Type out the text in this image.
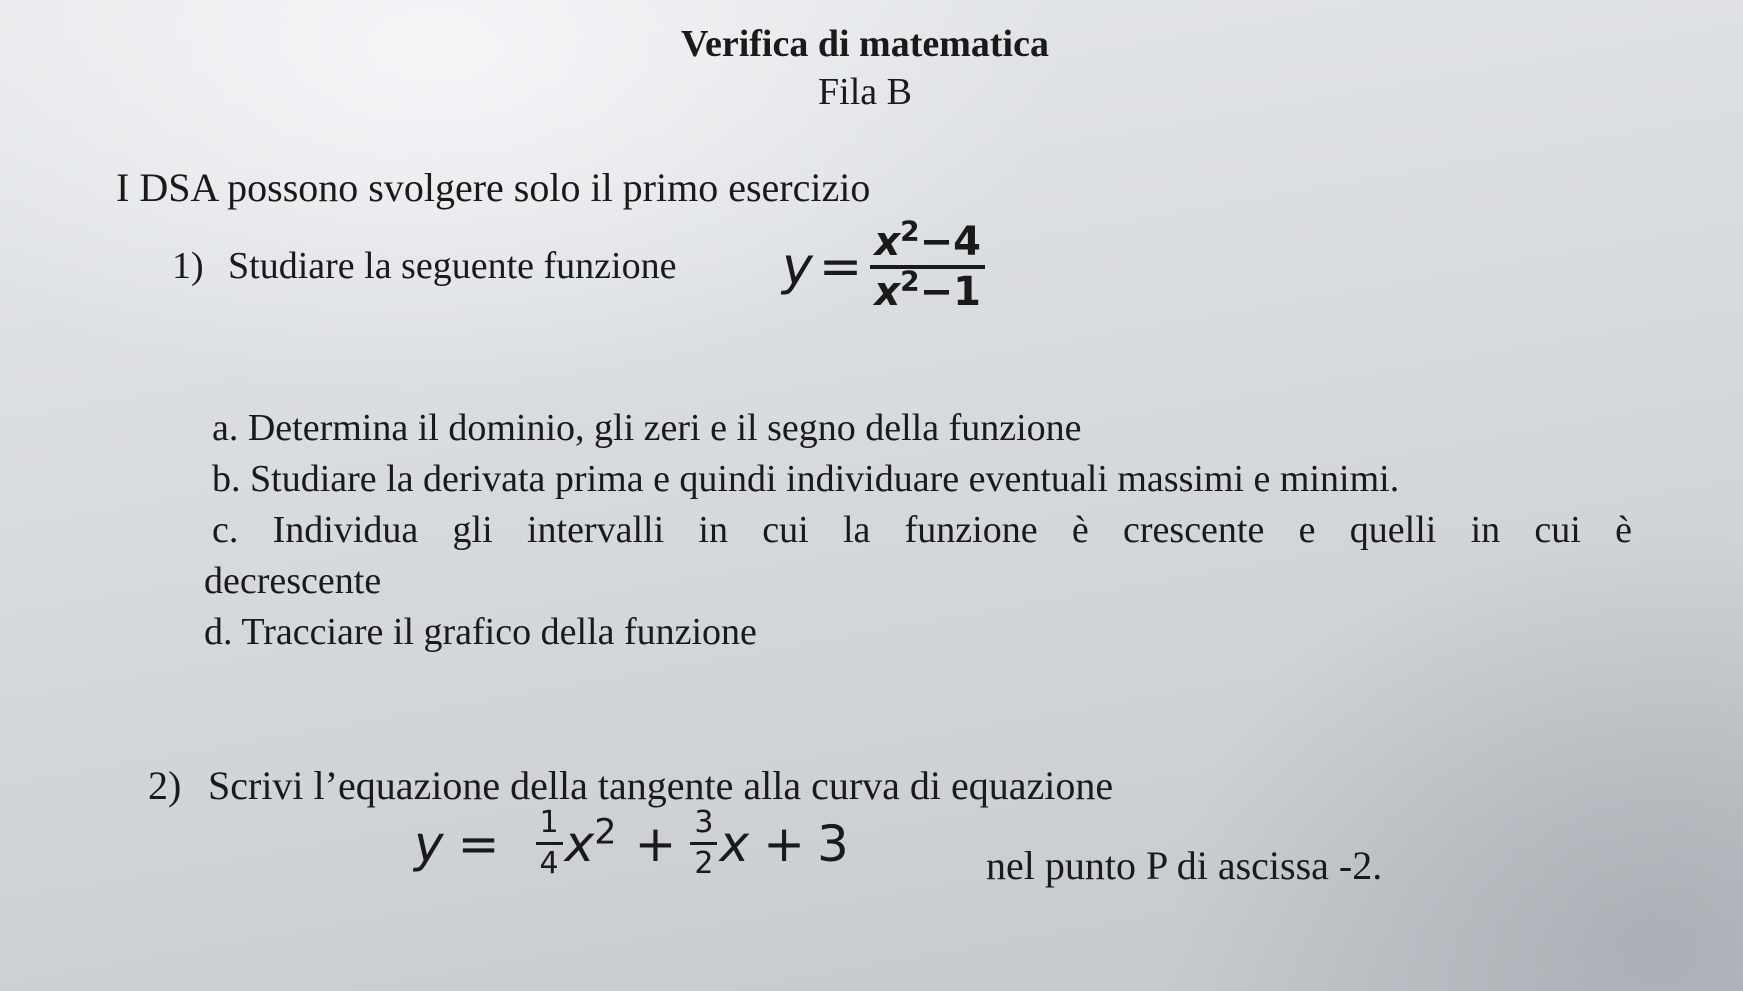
Verifica di matematica
Fila B
I DSA possono svolgere solo il primo esercizio
1) Studiare la seguente funzione $y = \frac{x^2-4}{x^2-1}$
a. Determina il dominio, gli zeri e il segno della funzione
b. Studiare la derivata prima e quindi individuare eventuali massimi e minimi.
c. Individua gli intervalli in cui la funzione è crescente e quelli in cui è
decrescente
d. Tracciare il grafico della funzione
2) Scrivi l’equazione della tangente alla curva di equazione
$y = \frac{1}{4} x^2 + \frac{3}{2}$ x + 3	nel punto P di ascissa -2.
